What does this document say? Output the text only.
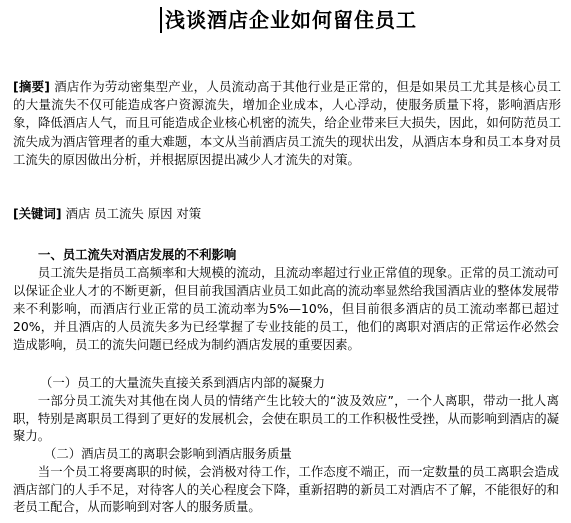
浅谈酒店企业如何留住员工

[摘要] 酒店作为劳动密集型产业，人员流动高于其他行业是正常的，但是如果员工尤其是核心员工的大量流失不仅可能造成客户资源流失，增加企业成本，人心浮动，使服务质量下将，影响酒店形象，降低酒店人气，而且可能造成企业核心机密的流失，给企业带来巨大损失，因此，如何防范员工流失成为酒店管理者的重大难题，本文从当前酒店员工流失的现状出发，从酒店本身和员工本身对员工流失的原因做出分析，并根据原因提出减少人才流失的对策。

[关键词] 酒店 员工流失 原因 对策

一、员工流失对酒店发展的不利影响

员工流失是指员工高频率和大规模的流动，且流动率超过行业正常值的现象。正常的员工流动可以保证企业人才的不断更新，但目前我国酒店业员工如此高的流动率显然给我国酒店业的整体发展带来不利影响，而酒店行业正常的员工流动率为5%—10%，但目前很多酒店的员工流动率都已超过20%，并且酒店的人员流失多为已经掌握了专业技能的员工，他们的离职对酒店的正常运作必然会造成影响，员工的流失问题已经成为制约酒店发展的重要因素。

（一）员工的大量流失直接关系到酒店内部的凝聚力

一部分员工流失对其他在岗人员的情绪产生比较大的“波及效应”，一个人离职，带动一批人离职，特别是离职员工得到了更好的发展机会，会使在职员工的工作积极性受挫，从而影响到酒店的凝聚力。

（二）酒店员工的离职会影响到酒店服务质量

当一个员工将要离职的时候，会消极对待工作，工作态度不端正，而一定数量的员工离职会造成酒店部门的人手不足，对待客人的关心程度会下降，重新招聘的新员工对酒店不了解，不能很好的和老员工配合，从而影响到对客人的服务质量。
